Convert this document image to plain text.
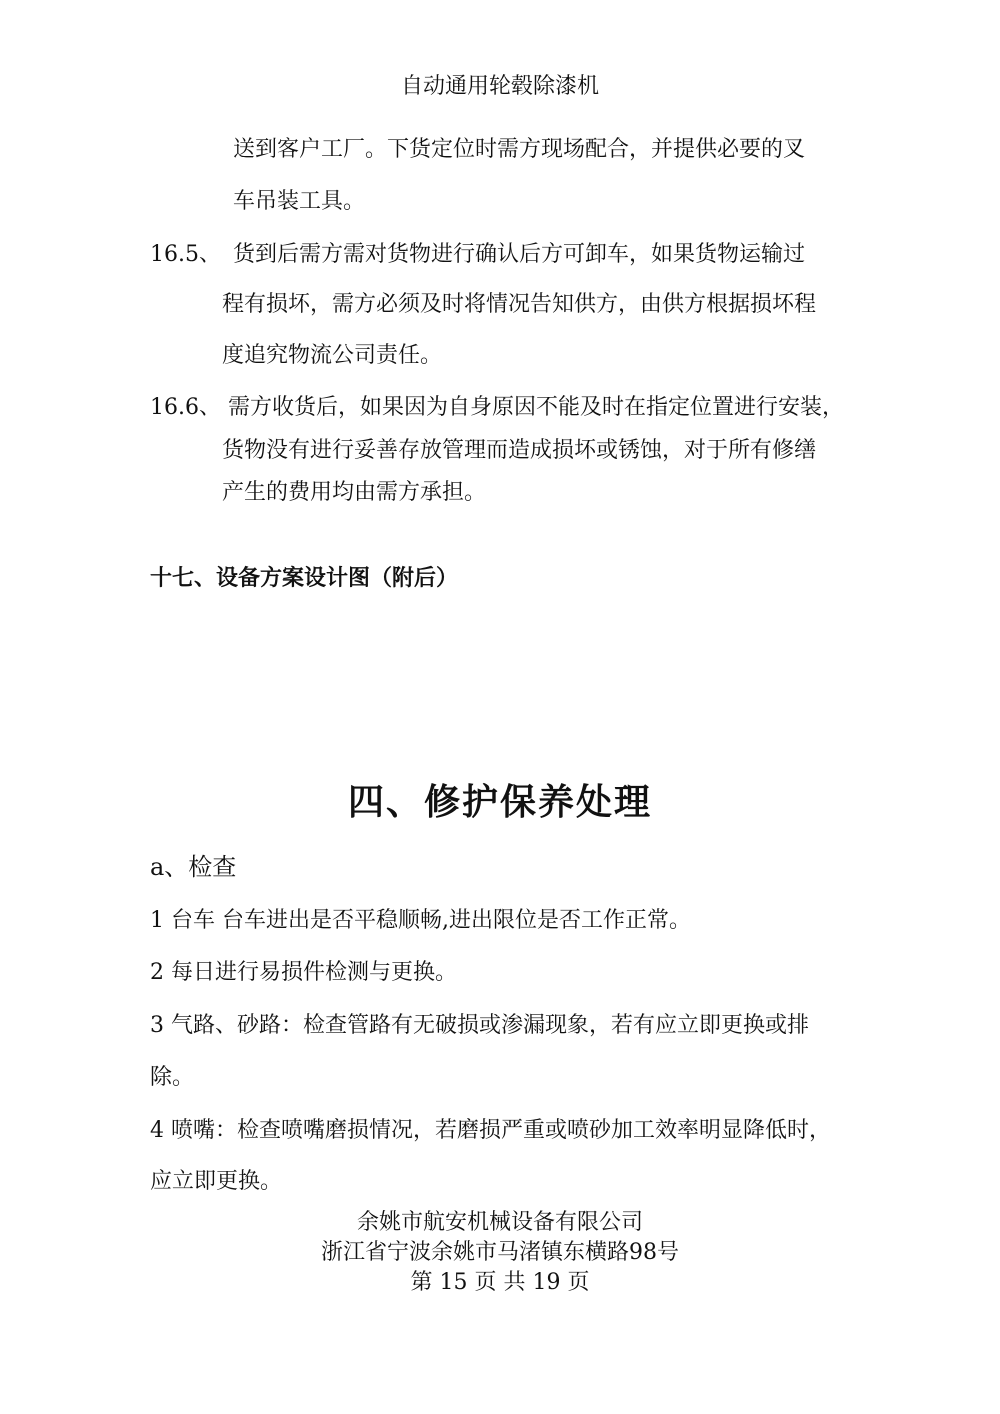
自动通用轮毂除漆机
送到客户工厂。下货定位时需方现场配合，并提供必要的叉
车吊装工具。
16.5、 货到后需方需对货物进行确认后方可卸车，如果货物运输过
程有损坏，需方必须及时将情况告知供方，由供方根据损坏程
度追究物流公司责任。
16.6、 需方收货后，如果因为自身原因不能及时在指定位置进行安装，
货物没有进行妥善存放管理而造成损坏或锈蚀，对于所有修缮
产生的费用均由需方承担。
十七、设备方案设计图（附后）
四、修护保养处理
a、检查
1 台车 台车进出是否平稳顺畅,进出限位是否工作正常。
2 每日进行易损件检测与更换。
3 气路、砂路：检查管路有无破损或渗漏现象，若有应立即更换或排
除。
4 喷嘴：检查喷嘴磨损情况，若磨损严重或喷砂加工效率明显降低时，
应立即更换。
余姚市航安机械设备有限公司
浙江省宁波余姚市马渚镇东横路98号
第 15 页 共 19 页
